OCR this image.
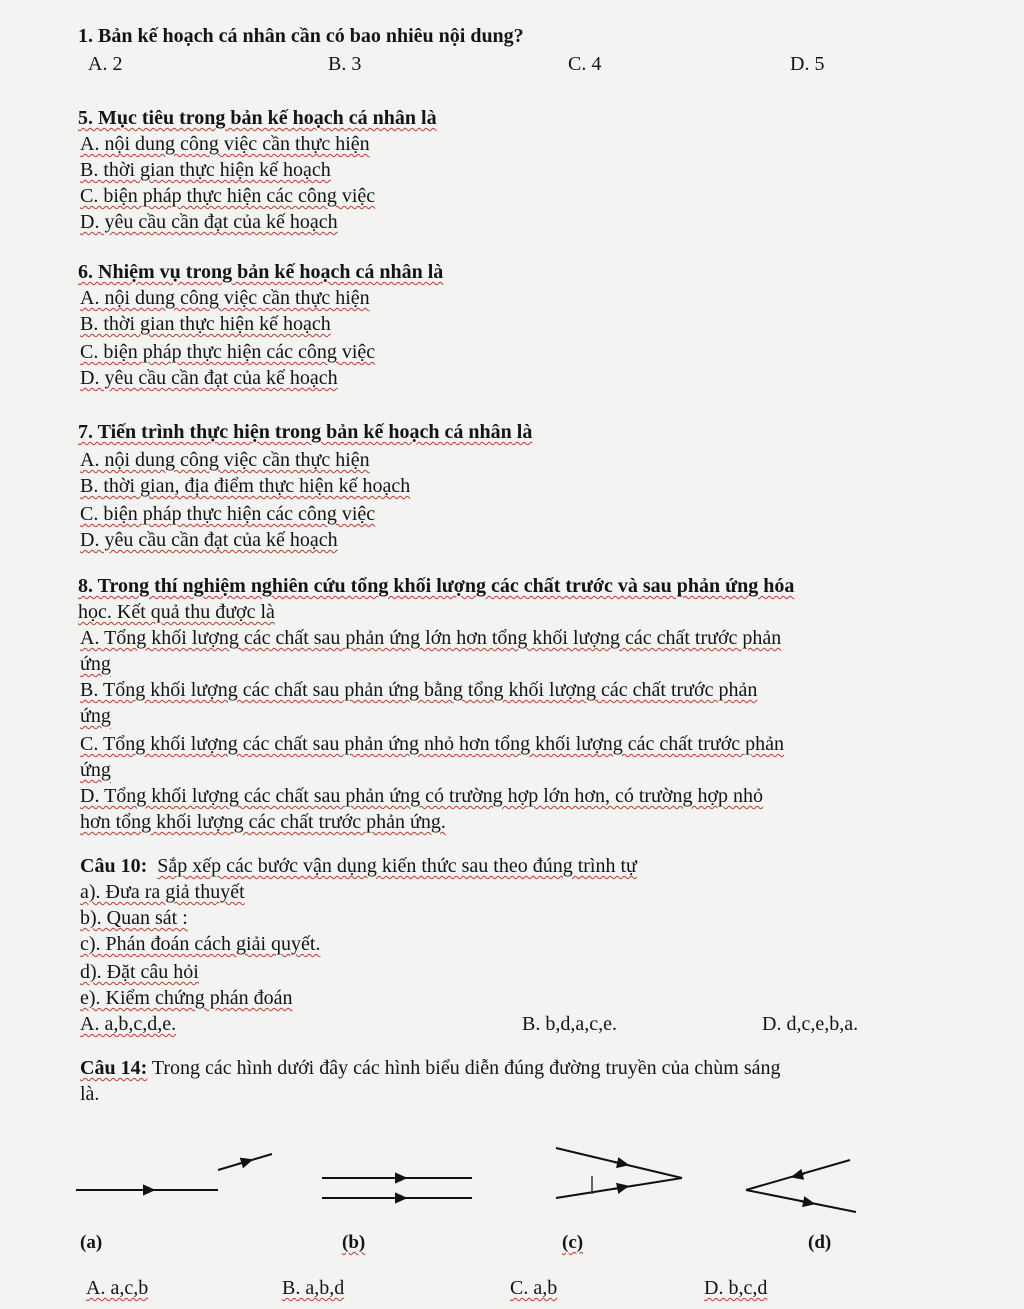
1. Bản kế hoạch cá nhân cần có bao nhiêu nội dung?
A. 2	B. 3	C. 4	D. 5
5. Mục tiêu trong bản kế hoạch cá nhân là
A. nội dung công việc cần thực hiện
B. thời gian thực hiện kế hoạch
C. biện pháp thực hiện các công việc
D. yêu cầu cần đạt của kế hoạch
6. Nhiệm vụ trong bản kế hoạch cá nhân là
A. nội dung công việc cần thực hiện
B. thời gian thực hiện kế hoạch
C. biện pháp thực hiện các công việc
D. yêu cầu cần đạt của kế hoạch
7. Tiến trình thực hiện trong bản kế hoạch cá nhân là
A. nội dung công việc cần thực hiện
B. thời gian, địa điểm thực hiện kế hoạch
C. biện pháp thực hiện các công việc
D. yêu cầu cần đạt của kế hoạch
8. Trong thí nghiệm nghiên cứu tổng khối lượng các chất trước và sau phản ứng hóa
học. Kết quả thu được là
A. Tổng khối lượng các chất sau phản ứng lớn hơn tổng khối lượng các chất trước phản
ứng
B. Tổng khối lượng các chất sau phản ứng bằng tổng khối lượng các chất trước phản
ứng
C. Tổng khối lượng các chất sau phản ứng nhỏ hơn tổng khối lượng các chất trước phản
ứng
D. Tổng khối lượng các chất sau phản ứng có trường hợp lớn hơn, có trường hợp nhỏ
hơn tổng khối lượng các chất trước phản ứng.
Câu 10: Sắp xếp các bước vận dụng kiến thức sau theo đúng trình tự
a). Đưa ra giả thuyết
b). Quan sát :
c). Phán đoán cách giải quyết.
d). Đặt câu hỏi
e). Kiểm chứng phán đoán
A. a,b,c,d,e.	B. b,d,a,c,e.	D. d,c,e,b,a.
Câu 14: Trong các hình dưới đây các hình biểu diễn đúng đường truyền của chùm sáng
là.
(a)	(b)	(c)	(d)
A. a,c,b	B. a,b,d	C. a,b	D. b,c,d
